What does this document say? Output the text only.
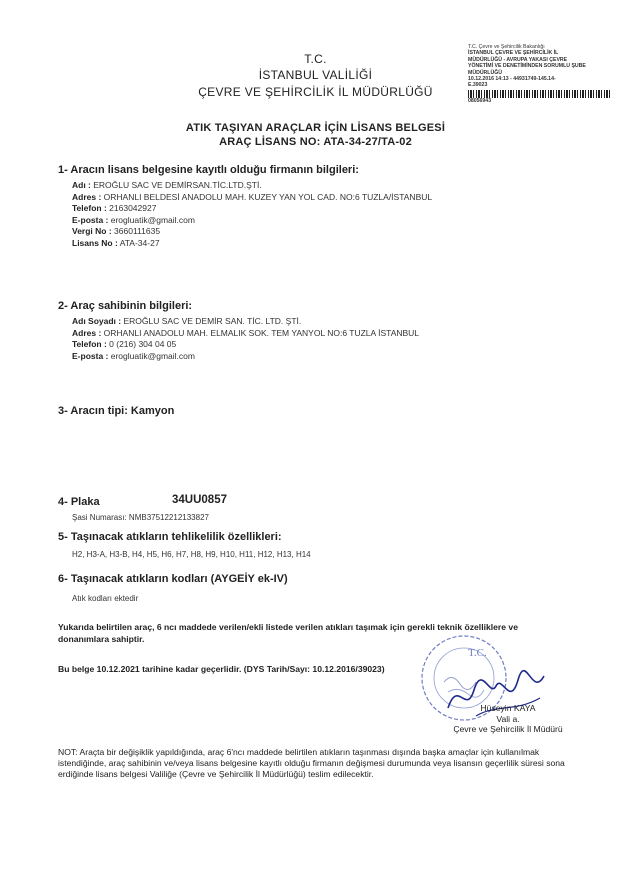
T.C.
İSTANBUL VALİLİĞİ
ÇEVRE VE ŞEHİRCİLİK İL MÜDÜRLÜĞÜ
T.C. Çevre ve Şehircilik Bakanlığı
İSTANBUL ÇEVRE VE ŞEHİRCİLİK İL
MÜDÜRLÜĞÜ - AVRUPA YAKASI ÇEVRE
YÖNETİMİ VE DENETİMİNDEN SORUMLU ŞUBE
MÜDÜRLÜĞÜ
10.12.2016 14:13 - 44931749-145.14-
E.39023
08056943
ATIK TAŞIYAN ARAÇLAR İÇİN LİSANS BELGESİ
ARAÇ LİSANS NO: ATA-34-27/TA-02
1- Aracın lisans belgesine kayıtlı olduğu firmanın bilgileri:
Adı : EROĞLU SAC VE DEMİRSAN.TİC.LTD.ŞTİ.
Adres : ORHANLI BELDESİ ANADOLU MAH. KUZEY YAN YOL CAD. NO:6 TUZLA/İSTANBUL
Telefon : 2163042927
E-posta : erogluatik@gmail.com
Vergi No : 3660111635
Lisans No : ATA-34-27
2- Araç sahibinin bilgileri:
Adı Soyadı : EROĞLU SAC VE DEMİR SAN. TİC. LTD. ŞTİ.
Adres : ORHANLI ANADOLU MAH. ELMALIK SOK. TEM YANYOL NO:6 TUZLA İSTANBUL
Telefon : 0 (216) 304 04 05
E-posta : erogluatik@gmail.com
3- Aracın tipi: Kamyon
4- Plaka	34UU0857
Şasi Numarası: NMB37512212133827
5- Taşınacak atıkların tehlikelilik özellikleri:
H2, H3-A, H3-B, H4, H5, H6, H7, H8, H9, H10, H11, H12, H13, H14
6- Taşınacak atıkların kodları (AYGEİY ek-IV)
Atık kodları ektedir
Yukarıda belirtilen araç, 6 ncı maddede verilen/ekli listede verilen atıkları taşımak için gerekli teknik özelliklere ve donanımlara sahiptir.
Bu belge 10.12.2021 tarihine kadar geçerlidir. (DYS Tarih/Sayı: 10.12.2016/39023)
T.C.
Hüseyin KAYA
Vali a.
Çevre ve Şehircilik İl Müdürü
NOT: Araçta bir değişiklik yapıldığında, araç 6'ncı maddede belirtilen atıkların taşınması dışında başka amaçlar için kullanılmak istendiğinde, araç sahibinin ve/veya lisans belgesine kayıtlı olduğu firmanın değişmesi durumunda veya lisansın geçerlilik süresi sona erdiğinde lisans belgesi Valiliğe (Çevre ve Şehircilik İl Müdürlüğü) teslim edilecektir.
